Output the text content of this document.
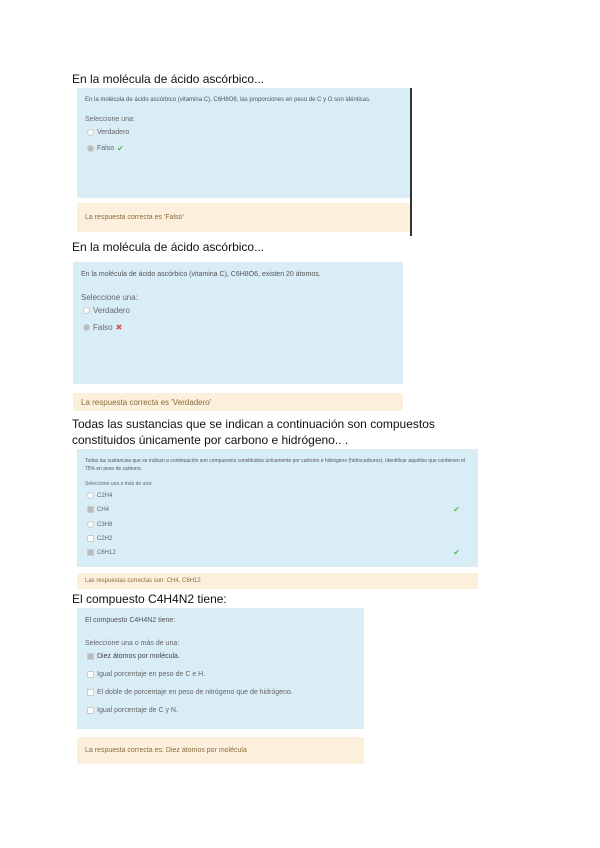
En la molécula de ácido ascórbico...
En la molécula de ácido ascórbico (vitamina C), C6H8O6, las proporciones en peso de C y O son idénticas.
Seleccione una:
Verdadero
Falso ✔
La respuesta correcta es 'Falso'
En la molécula de ácido ascórbico...
En la molécula de ácido ascórbico (vitamina C), C6H8O6, existen 20 átomos.
Seleccione una:
Verdadero
Falso ✖
La respuesta correcta es 'Verdadero'
Todas las sustancias que se indican a continuación son compuestos constituidos únicamente por carbono e hidrógeno.. .
Todas las sustancias que se indican a continuación son compuestos constituidos únicamente por carbono e hidrógeno (hidrocarburos). Identificar aquellos que contienen el 75% en peso de carbono.
Seleccione una o más de una:
C2H4
CH4	✔
C3H8
C2H2
C6H12	✔
Las respuestas correctas son: CH4, C6H12
El compuesto C4H4N2 tiene:
El compuesto C4H4N2 tiene:
Seleccione una o más de una:
Diez átomos por molécula.
Igual porcentaje en peso de C e H.
El doble de porcentaje en peso de nitrógeno que de hidrógeno.
Igual porcentaje de C y N.
La respuesta correcta es: Diez átomos por molécula
